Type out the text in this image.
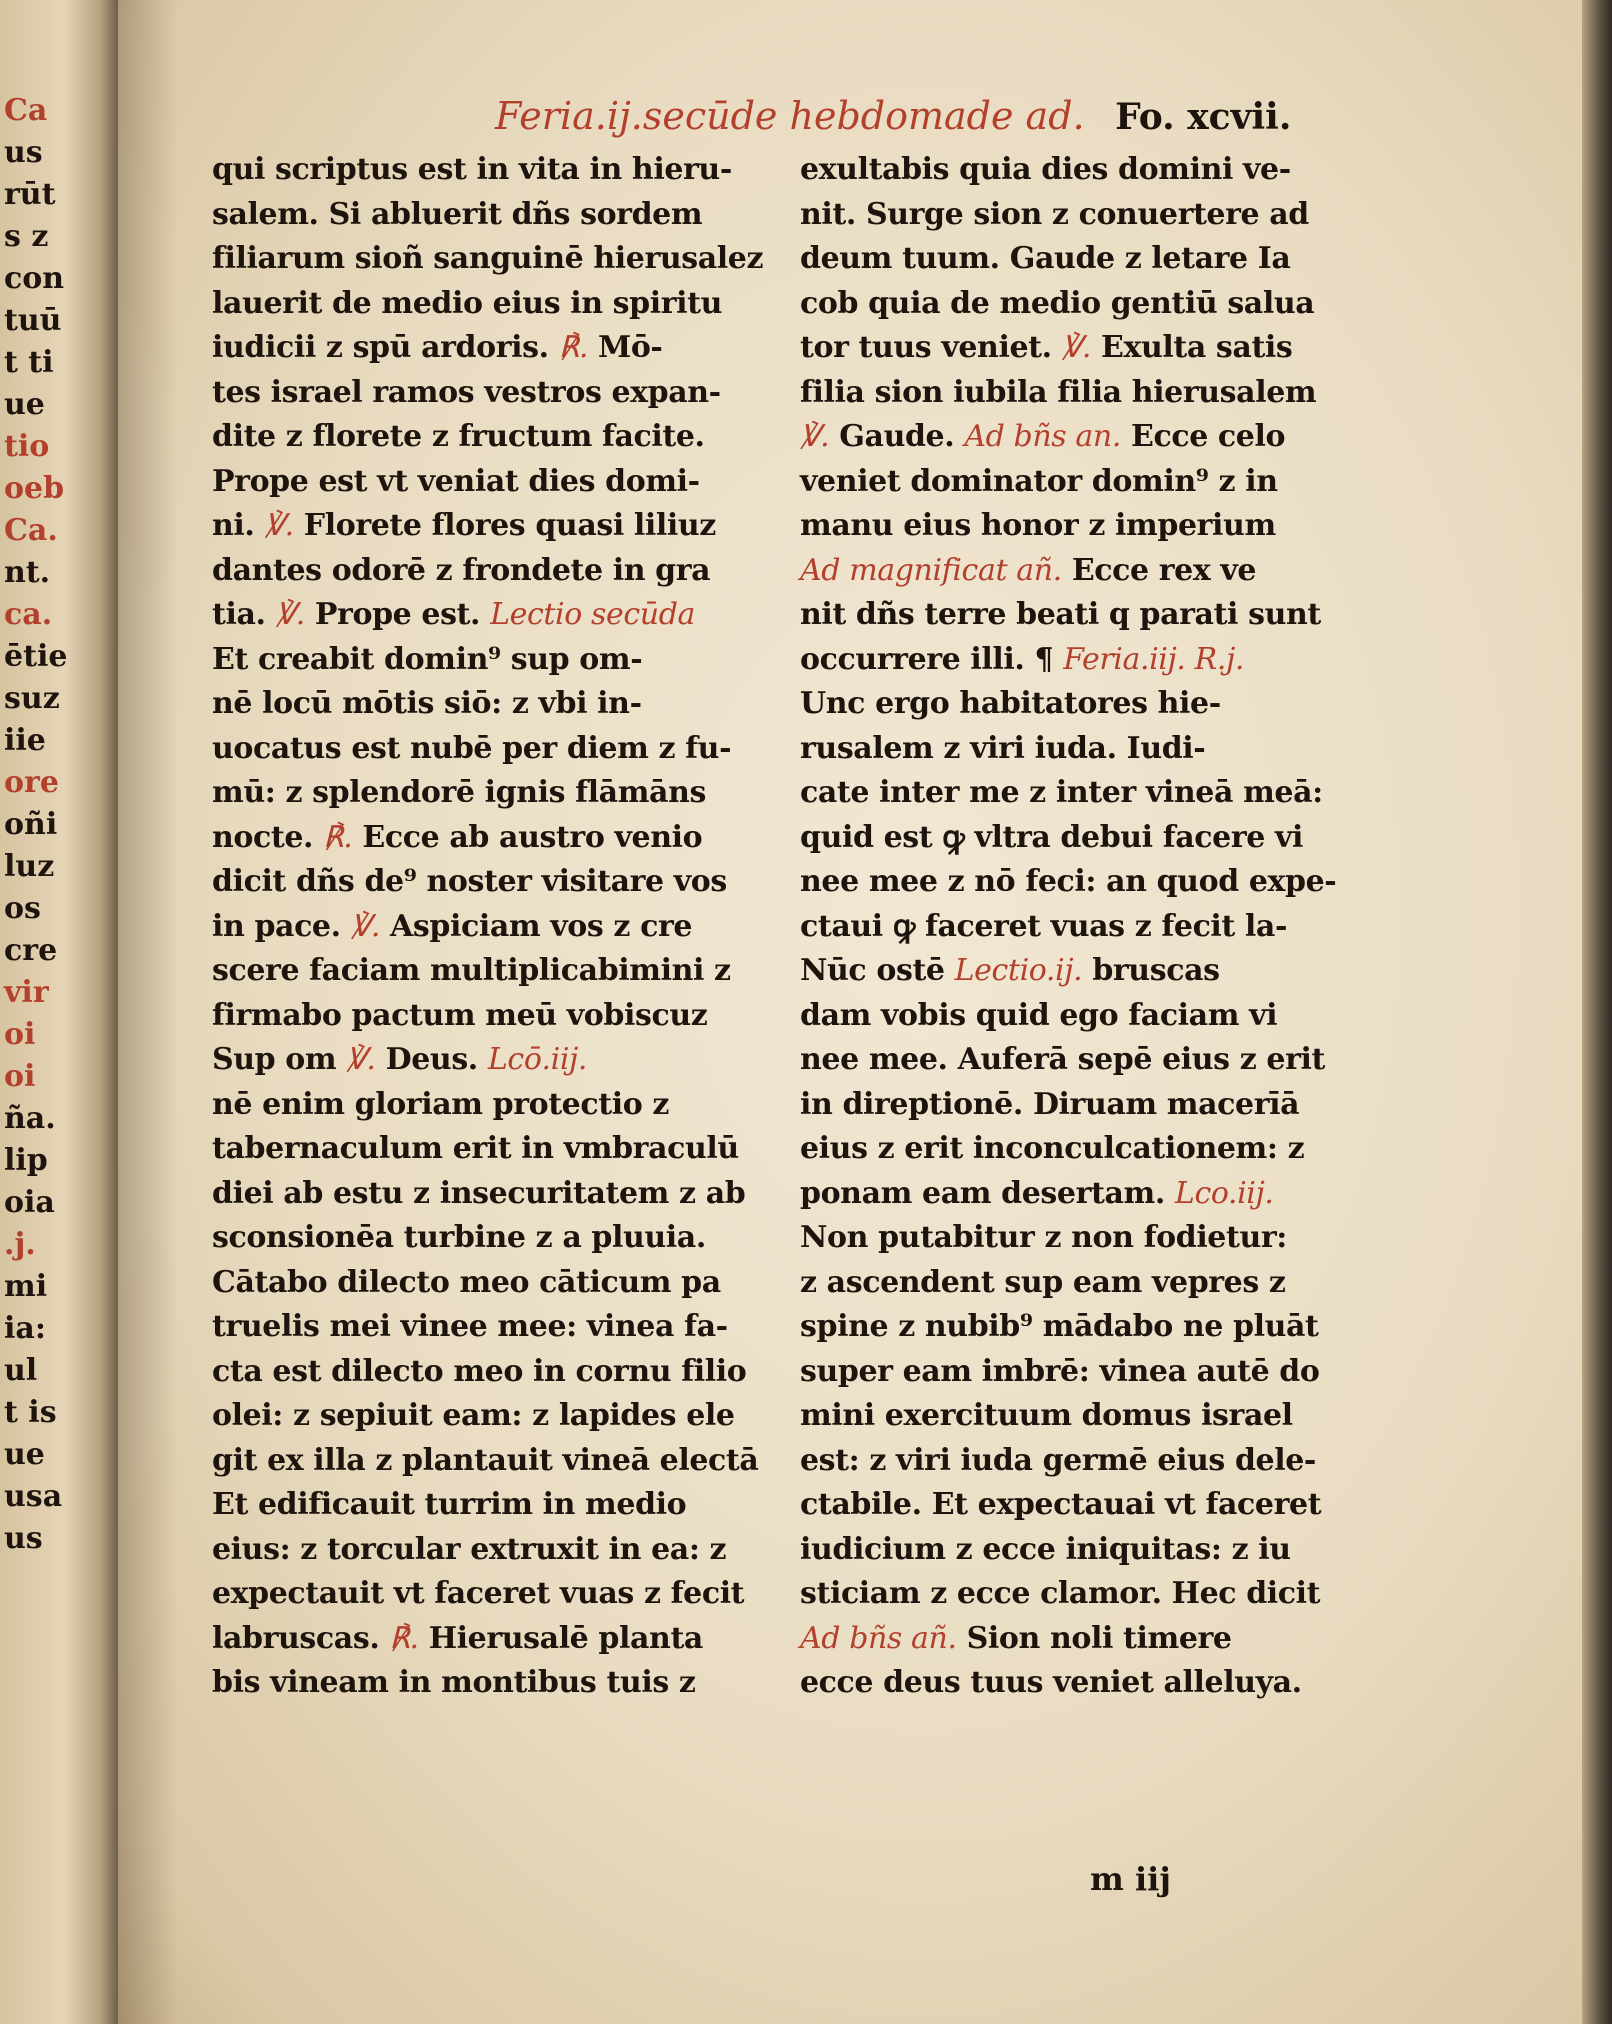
Ca
us
rūt
s z
con
tuū
t ti
ue
tio
oeb
Ca.
nt.
ca.
ētie
suz
iie
ore
oñi
luz
os
cre
vir
oi
oi
ña.
lip
oia
.j.
mi
ia:
ul
t is
ue
usa
us
Feria.ij.secūde hebdomade ad. Fo. xcvii.
qui scriptus est in vita in hieru-
salem. Si abluerit dñs sordem
filiarum sioñ sanguinē hierusalez
lauerit de medio eius in spiritu
iudicii z spū ardoris. ℟. Mō-
tes israel ramos vestros expan-
dite z florete z fructum facite.
Prope est vt veniat dies domi-
ni. ℣. Florete flores quasi liliuz
dantes odorē z frondete in gra
tia. ℣. Prope est. Lectio secūda
Et creabit domin⁹ sup om-
nē locū mōtis siō: z vbi in-
uocatus est nubē per diem z fu-
mū: z splendorē ignis flāmāns
nocte. ℟. Ecce ab austro venio
dicit dñs de⁹ noster visitare vos
in pace. ℣. Aspiciam vos z cre
scere faciam multiplicabimini z
firmabo pactum meū vobiscuz
Sup om ℣. Deus. Lcō.iij.
nē enim gloriam protectio z
tabernaculum erit in vmbraculū
diei ab estu z insecuritatem z ab
sconsionēa turbine z a pluuia.
Cātabo dilecto meo cāticum pa
truelis mei vinee mee: vinea fa-
cta est dilecto meo in cornu filio
olei: z sepiuit eam: z lapides ele
git ex illa z plantauit vineā electā
Et edificauit turrim in medio
eius: z torcular extruxit in ea: z
expectauit vt faceret vuas z fecit
labruscas. ℟. Hierusalē planta
bis vineam in montibus tuis z
exultabis quia dies domini ve-
nit. Surge sion z conuertere ad
deum tuum. Gaude z letare Ia
cob quia de medio gentiū salua
tor tuus veniet. ℣. Exulta satis
filia sion iubila filia hierusalem
℣. Gaude. Ad bñs an. Ecce celo
veniet dominator domin⁹ z in
manu eius honor z imperium
Ad magnificat añ. Ecce rex ve
nit dñs terre beati q parati sunt
occurrere illi. ¶ Feria.iij. R.j.
Unc ergo habitatores hie-
rusalem z viri iuda. Iudi-
cate inter me z inter vineā meā:
quid est ꝙ vltra debui facere vi
nee mee z nō feci: an quod expe-
ctaui ꝙ faceret vuas z fecit la-
Nūc ostē Lectio.ij. bruscas
dam vobis quid ego faciam vi
nee mee. Auferā sepē eius z erit
in direptionē. Diruam macerīā
eius z erit inconculcationem: z
ponam eam desertam. Lco.iij.
Non putabitur z non fodietur:
z ascendent sup eam vepres z
spine z nubib⁹ mādabo ne pluāt
super eam imbrē: vinea autē do
mini exercituum domus israel
est: z viri iuda germē eius dele-
ctabile. Et expectauai vt faceret
iudicium z ecce iniquitas: z iu
sticiam z ecce clamor. Hec dicit
Ad bñs añ. Sion noli timere
ecce deus tuus veniet alleluya.
m iij
